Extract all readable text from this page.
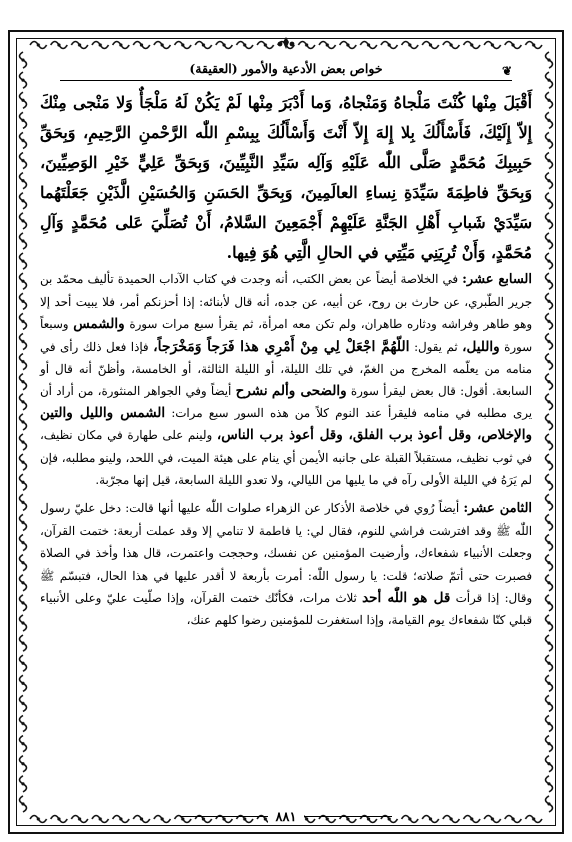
خواص بعض الأدعية والأمور (العقيقة)	❦

أَقْبَلَ مِنْها كُنْتَ مَلْجاهُ وَمَنْجاهُ، وَما أَدْبَرَ مِنْها لَمْ يَكُنْ لَهُ مَلْجَأٌ وَلا مَنْجى مِنْكَ إِلاّ إِلَيْكَ، فَأَسْأَلُكَ بِلا إِلهَ إِلاّ أَنْتَ وَأَسْأَلُكَ بِبِسْمِ اللّٰه الرَّحْمنِ الرَّحِيمِ، وَبِحَقِّ حَبِيبِكَ مُحَمَّدٍ صَلَّى اللّٰه عَلَيْهِ وَآلِه سَيِّدِ النَّبِيِّينَ، وَبِحَقِّ عَلِيٍّ خَيْرِ الوَصِيِّينَ، وَبِحَقِّ فاطِمَةَ سَيِّدَةِ نِساءِ العالَمِينَ، وَبِحَقِّ الحَسَنِ وَالحُسَيْنِ الَّذَيْنِ جَعَلْتَهُما سَيِّدَيْ شَبابِ أَهْلِ الجَنَّةِ عَلَيْهِمْ أَجْمَعِينَ السَّلامُ، أَنْ تُصَلِّيَ عَلى مُحَمَّدٍ وَآلِ مُحَمَّدٍ، وَأَنْ تُرِيَنِي مَيِّتِي في الحالِ الَّتِي هُوَ فِيها.

السابع عشر: في الخلاصة أيضاً عن بعض الكتب، أنه وجدت في كتاب الآداب الحميدة تأليف محمّد بن جرير الطّبري، عن حارث بن روح، عن أبيه، عن جده، أنه قال لأبنائه: إذا أحزنكم أمر، فلا يبيت أحد إلا وهو طاهر وفراشه ودثاره طاهران، ولم تكن معه امرأة، ثم يقرأ سبع مرات سورة والشمس وسبعاً سورة والليل، ثم يقول: اللّهُمَّ اجْعَلْ لِي مِنْ أَمْرِي هذا فَرَجاً وَمَخْرَجاً، فإذا فعل ذلك رأى في منامه من يعلّمه المخرج من الغمّ، في تلك الليلة، أو الليلة الثالثة، أو الخامسة، وأظنّ أنه قال أو السابعة. أقول: قال بعض ليقرأ سورة والضحى وألم نشرح أيضاً وفي الجواهر المنثورة، من أراد أن يرى مطلبه في منامه فليقرأ عند النوم كلاً من هذه السور سبع مرات: الشمس والليل والتين والإخلاص، وقل أعوذ برب الفلق، وقل أعوذ برب الناس، ولينم على طهارة في مكان نظيف، في ثوب نظيف، مستقبلاً القبلة على جانبه الأيمن أي ينام على هيئة الميت، في اللحد، ولينو مطلبه، فإن لم يَرَهُ في الليلة الأولى رآه في ما يليها من الليالي، ولا تعدو الليلة السابعة، قيل إنها مجرّبة.

الثامن عشر: أيضاً رُوي في خلاصة الأذكار عن الزهراء صلوات اللّٰه عليها أنها قالت: دخل عليّ رسول اللّٰه ﷺ وقد افترشت فراشي للنوم، فقال لي: يا فاطمة لا تنامي إلا وقد عملت أربعة: ختمت القرآن، وجعلت الأنبياء شفعاءك، وأرضيت المؤمنين عن نفسك، وحججت واعتمرت، قال هذا وأخذ في الصلاة فصبرت حتى أتمّ صلاته؛ قلت: يا رسول اللّٰه: أمرت بأربعة لا أقدر عليها في هذا الحال، فتبسّم ﷺ وقال: إذا قرأت قل هو اللّٰه أحد ثلاث مرات، فكأنّك ختمت القرآن، وإذا صلّيت عليّ وعلى الأنبياء قبلي كنّا شفعاءك يوم القيامة، وإذا استغفرت للمؤمنين رضوا كلهم عنك،

٨٨١
